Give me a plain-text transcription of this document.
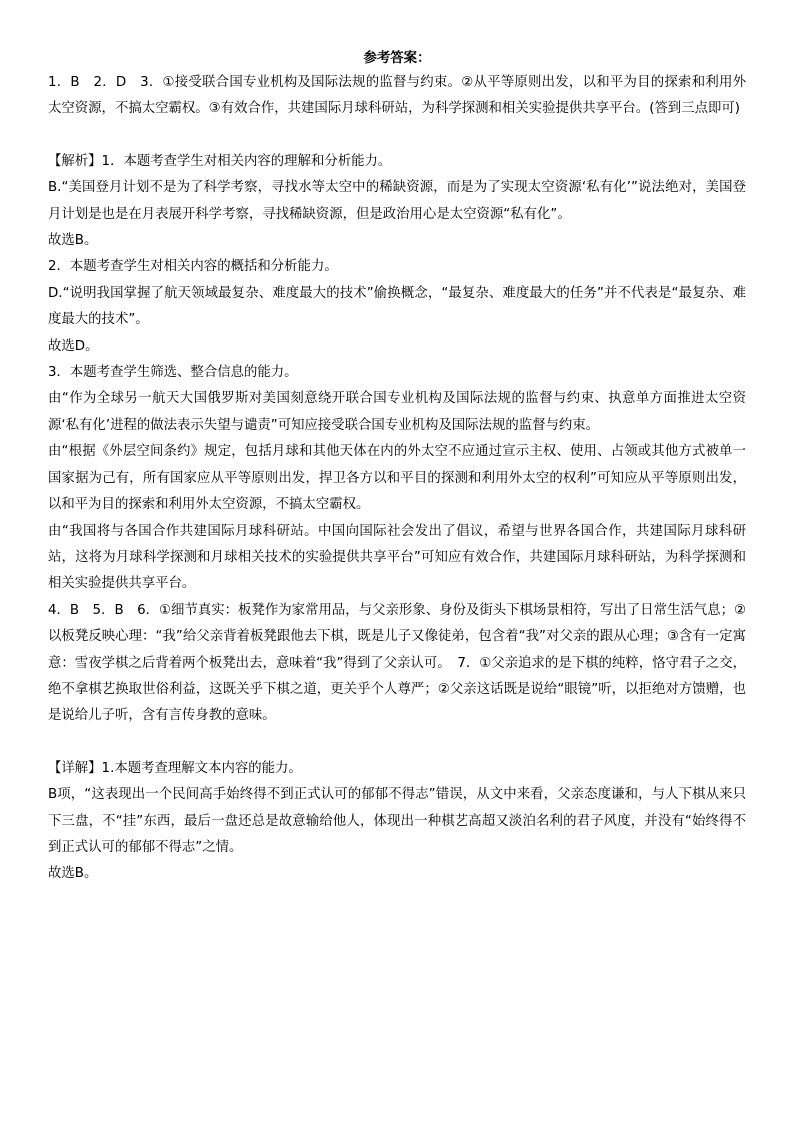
参考答案：
1．B　2．D　3．①接受联合国专业机构及国际法规的监督与约束。②从平等原则出发，以和平为目的探索和利用外太空资源，不搞太空霸权。③有效合作，共建国际月球科研站，为科学探测和相关实验提供共享平台。(答到三点即可)
【解析】1．本题考查学生对相关内容的理解和分析能力。
B.“美国登月计划不是为了科学考察，寻找水等太空中的稀缺资源，而是为了实现太空资源‘私有化’”说法绝对，美国登月计划是也是在月表展开科学考察，寻找稀缺资源，但是政治用心是太空资源“私有化”。
故选B。
2．本题考查学生对相关内容的概括和分析能力。
D.“说明我国掌握了航天领域最复杂、难度最大的技术”偷换概念，“最复杂、难度最大的任务”并不代表是“最复杂、难度最大的技术”。
故选D。
3．本题考查学生筛选、整合信息的能力。
由“作为全球另一航天大国俄罗斯对美国刻意绕开联合国专业机构及国际法规的监督与约束、执意单方面推进太空资源‘私有化’进程的做法表示失望与谴责”可知应接受联合国专业机构及国际法规的监督与约束。
由“根据《外层空间条约》规定，包括月球和其他天体在内的外太空不应通过宣示主权、使用、占领或其他方式被单一国家据为己有，所有国家应从平等原则出发，捍卫各方以和平目的探测和利用外太空的权利”可知应从平等原则出发，以和平为目的探索和利用外太空资源，不搞太空霸权。
由“我国将与各国合作共建国际月球科研站。中国向国际社会发出了倡议，希望与世界各国合作，共建国际月球科研站，这将为月球科学探测和月球相关技术的实验提供共享平台”可知应有效合作，共建国际月球科研站，为科学探测和相关实验提供共享平台。
4．B　5．B　6．①细节真实：板凳作为家常用品，与父亲形象、身份及街头下棋场景相符，写出了日常生活气息；②以板凳反映心理：“我”给父亲背着板凳跟他去下棋，既是儿子又像徒弟，包含着“我”对父亲的跟从心理；③含有一定寓意：雪夜学棋之后背着两个板凳出去，意味着“我”得到了父亲认可。　7．①父亲追求的是下棋的纯粹，恪守君子之交，绝不拿棋艺换取世俗利益，这既关乎下棋之道，更关乎个人尊严；②父亲这话既是说给“眼镜”听，以拒绝对方馈赠，也是说给儿子听，含有言传身教的意味。
【详解】1.本题考查理解文本内容的能力。
B项，“这表现出一个民间高手始终得不到正式认可的郁郁不得志”错误，从文中来看，父亲态度谦和，与人下棋从来只下三盘，不“挂”东西，最后一盘还总是故意输给他人，体现出一种棋艺高超又淡泊名利的君子风度，并没有“始终得不到正式认可的郁郁不得志”之情。
故选B。
